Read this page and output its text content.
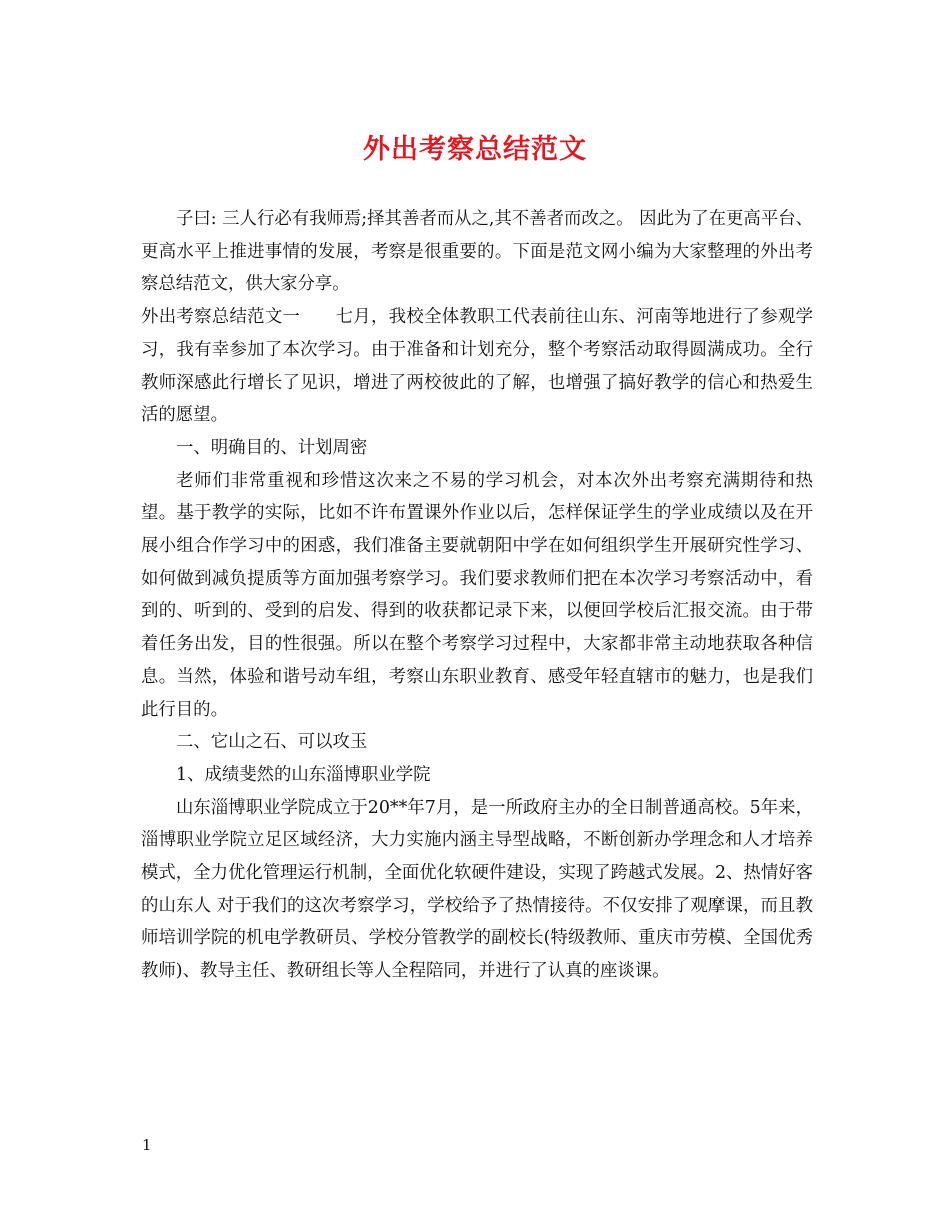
外出考察总结范文

子曰: 三人行必有我师焉;择其善者而从之,其不善者而改之。 因此为了在更高平台、更高水平上推进事情的发展，考察是很重要的。下面是范文网小编为大家整理的外出考察总结范文，供大家分享。

外出考察总结范文一　　七月，我校全体教职工代表前往山东、河南等地进行了参观学习，我有幸参加了本次学习。由于准备和计划充分，整个考察活动取得圆满成功。全行教师深感此行增长了见识，增进了两校彼此的了解，也增强了搞好教学的信心和热爱生活的愿望。

一、明确目的、计划周密

老师们非常重视和珍惜这次来之不易的学习机会，对本次外出考察充满期待和热望。基于教学的实际，比如不许布置课外作业以后，怎样保证学生的学业成绩以及在开展小组合作学习中的困惑，我们准备主要就朝阳中学在如何组织学生开展研究性学习、如何做到减负提质等方面加强考察学习。我们要求教师们把在本次学习考察活动中，看到的、听到的、受到的启发、得到的收获都记录下来，以便回学校后汇报交流。由于带着任务出发，目的性很强。所以在整个考察学习过程中，大家都非常主动地获取各种信息。当然，体验和谐号动车组，考察山东职业教育、感受年轻直辖市的魅力，也是我们此行目的。

二、它山之石、可以攻玉

1、成绩斐然的山东淄博职业学院

山东淄博职业学院成立于20**年7月，是一所政府主办的全日制普通高校。5年来，淄博职业学院立足区域经济，大力实施内涵主导型战略，不断创新办学理念和人才培养模式，全力优化管理运行机制，全面优化软硬件建设，实现了跨越式发展。2、热情好客的山东人 对于我们的这次考察学习，学校给予了热情接待。不仅安排了观摩课，而且教师培训学院的机电学教研员、学校分管教学的副校长(特级教师、重庆市劳模、全国优秀教师)、教导主任、教研组长等人全程陪同，并进行了认真的座谈课。

1
